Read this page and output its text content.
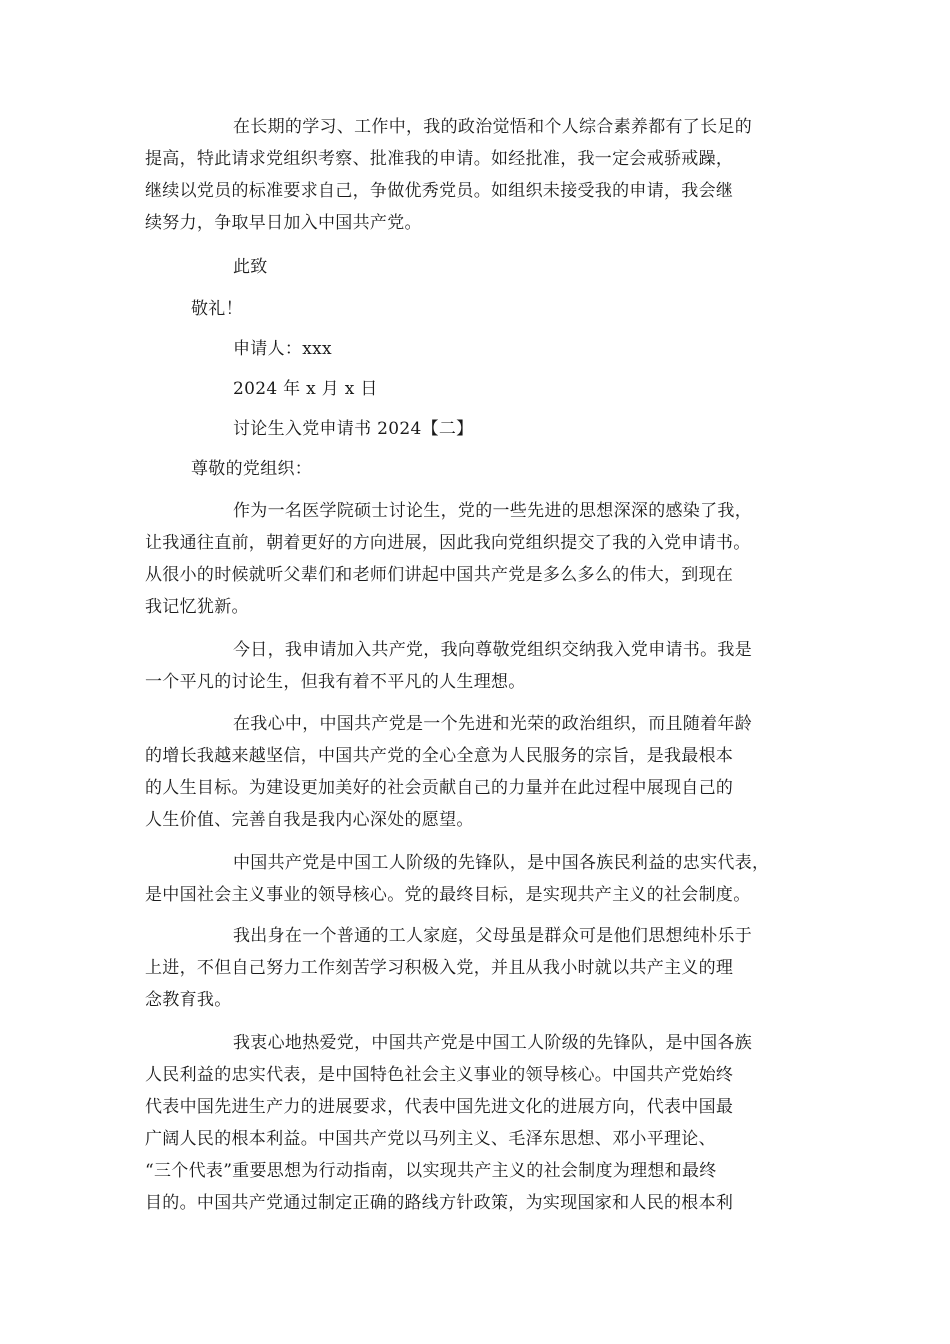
在长期的学习、工作中，我的政治觉悟和个人综合素养都有了长足的
提高，特此请求党组织考察、批准我的申请。如经批准，我一定会戒骄戒躁，
继续以党员的标准要求自己，争做优秀党员。如组织未接受我的申请，我会继
续努力，争取早日加入中国共产党。

此致

敬礼！

申请人：xxx

2024 年 x 月 x 日

讨论生入党申请书 2024【二】

尊敬的党组织：

作为一名医学院硕士讨论生，党的一些先进的思想深深的感染了我，
让我通往直前，朝着更好的方向进展，因此我向党组织提交了我的入党申请书。
从很小的时候就听父辈们和老师们讲起中国共产党是多么多么的伟大，到现在
我记忆犹新。

今日，我申请加入共产党，我向尊敬党组织交纳我入党申请书。我是
一个平凡的讨论生，但我有着不平凡的人生理想。

在我心中，中国共产党是一个先进和光荣的政治组织，而且随着年龄
的增长我越来越坚信，中国共产党的全心全意为人民服务的宗旨，是我最根本
的人生目标。为建设更加美好的社会贡献自己的力量并在此过程中展现自己的
人生价值、完善自我是我内心深处的愿望。

中国共产党是中国工人阶级的先锋队，是中国各族民利益的忠实代表，
是中国社会主义事业的领导核心。党的最终目标，是实现共产主义的社会制度。

我出身在一个普通的工人家庭，父母虽是群众可是他们思想纯朴乐于
上进，不但自己努力工作刻苦学习积极入党，并且从我小时就以共产主义的理
念教育我。

我衷心地热爱党，中国共产党是中国工人阶级的先锋队，是中国各族
人民利益的忠实代表，是中国特色社会主义事业的领导核心。中国共产党始终
代表中国先进生产力的进展要求，代表中国先进文化的进展方向，代表中国最
广阔人民的根本利益。中国共产党以马列主义、毛泽东思想、邓小平理论、
“三个代表”重要思想为行动指南，以实现共产主义的社会制度为理想和最终
目的。中国共产党通过制定正确的路线方针政策，为实现国家和人民的根本利
